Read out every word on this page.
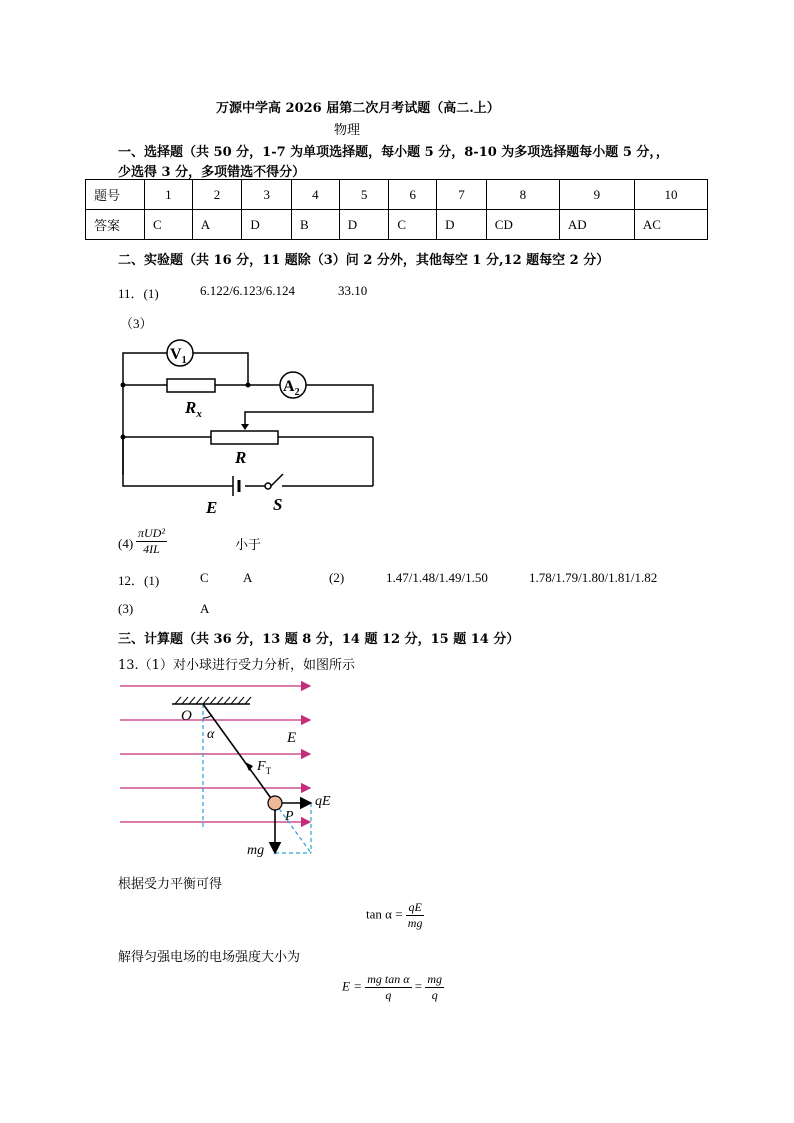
万源中学高 2026 届第二次月考试题（高二.上）
物理
一、选择题（共 50 分，1-7 为单项选择题，每小题 5 分，8-10 为多项选择题每小题 5 分，，
少选得 3 分，多项错选不得分）
题号	1	2	3	4	5	6	7	8	9	10
答案	C	A	D	B	D	C	D	CD	AD	AC
二、实验题（共 16 分，11 题除（3）问 2 分外，其他每空 1 分,12 题每空 2 分）
11．(1)	6.122/6.123/6.124	33.10
（3）
$V_1$
$A_2$
$R_x$
R
E	S
$(4) \frac{\text{πUD²}}{4IL}$	小于
12．(1)	C	A	(2)	1.47/1.48/1.49/1.50	1.78/1.79/1.80/1.81/1.82
(3)	A
三、计算题（共 36 分，13 题 8 分，14 题 12 分，15 题 14 分）
13.（1）对小球进行受力分析，如图所示
O
α	E
$F_T$
qE
P
mg
根据受力平衡可得
$\tan \alpha = \frac{qE}{mg}$
解得匀强电场的电场强度大小为
$E = \frac{\text{mg tan α}}{q} = \frac{mg}{q}$
